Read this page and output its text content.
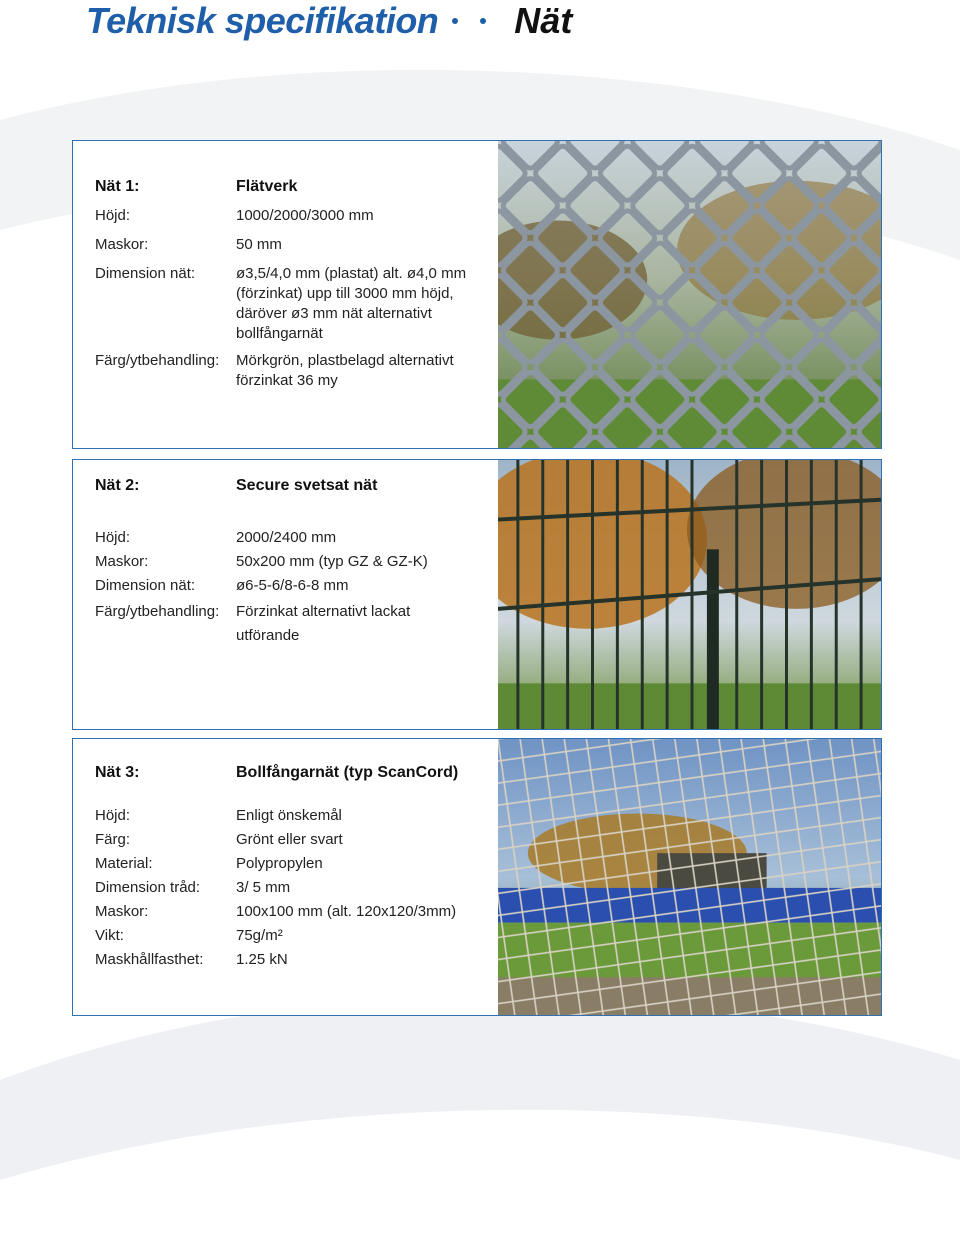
Teknisk specifikation Nät
Nät 1:	Flätverk
Höjd:	1000/2000/3000 mm
Maskor:	50 mm
Dimension nät:	ø3,5/4,0 mm (plastat) alt. ø4,0 mm (förzinkat) upp till 3000 mm höjd, däröver ø3 mm nät alternativt bollfångarnät
Färg/ytbehandling:	Mörkgrön, plastbelagd alternativt förzinkat 36 my
Nät 2:	Secure svetsat nät
Höjd:	2000/2400 mm
Maskor:	50x200 mm (typ GZ & GZ-K)
Dimension nät:	ø6-5-6/8-6-8 mm
Färg/ytbehandling:	Förzinkat alternativt lackat utförande
Nät 3:	Bollfångarnät (typ ScanCord)
Höjd:	Enligt önskemål
Färg:	Grönt eller svart
Material:	Polypropylen
Dimension tråd:	3/ 5 mm
Maskor:	100x100 mm (alt. 120x120/3mm)
Vikt:	75g/m²
Maskhållfasthet:	1.25 kN
